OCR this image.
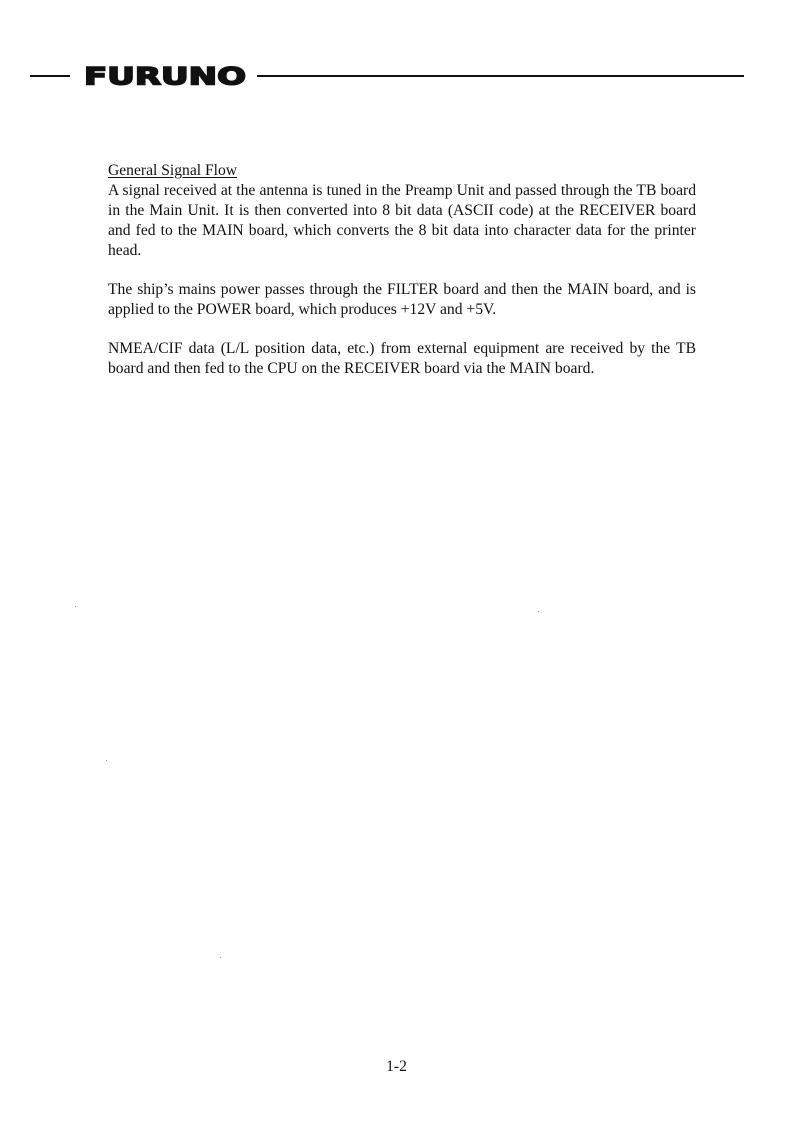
FURUNO
General Signal Flow

A signal received at the antenna is tuned in the Preamp Unit and passed through the TB board in the Main Unit. It is then converted into 8 bit data (ASCII code) at the RECEIVER board and fed to the MAIN board, which converts the 8 bit data into character data for the printer head.

The ship’s mains power passes through the FILTER board and then the MAIN board, and is applied to the POWER board, which produces +12V and +5V.

NMEA/CIF data (L/L position data, etc.) from external equipment are received by the TB board and then fed to the CPU on the RECEIVER board via the MAIN board.

1-2
